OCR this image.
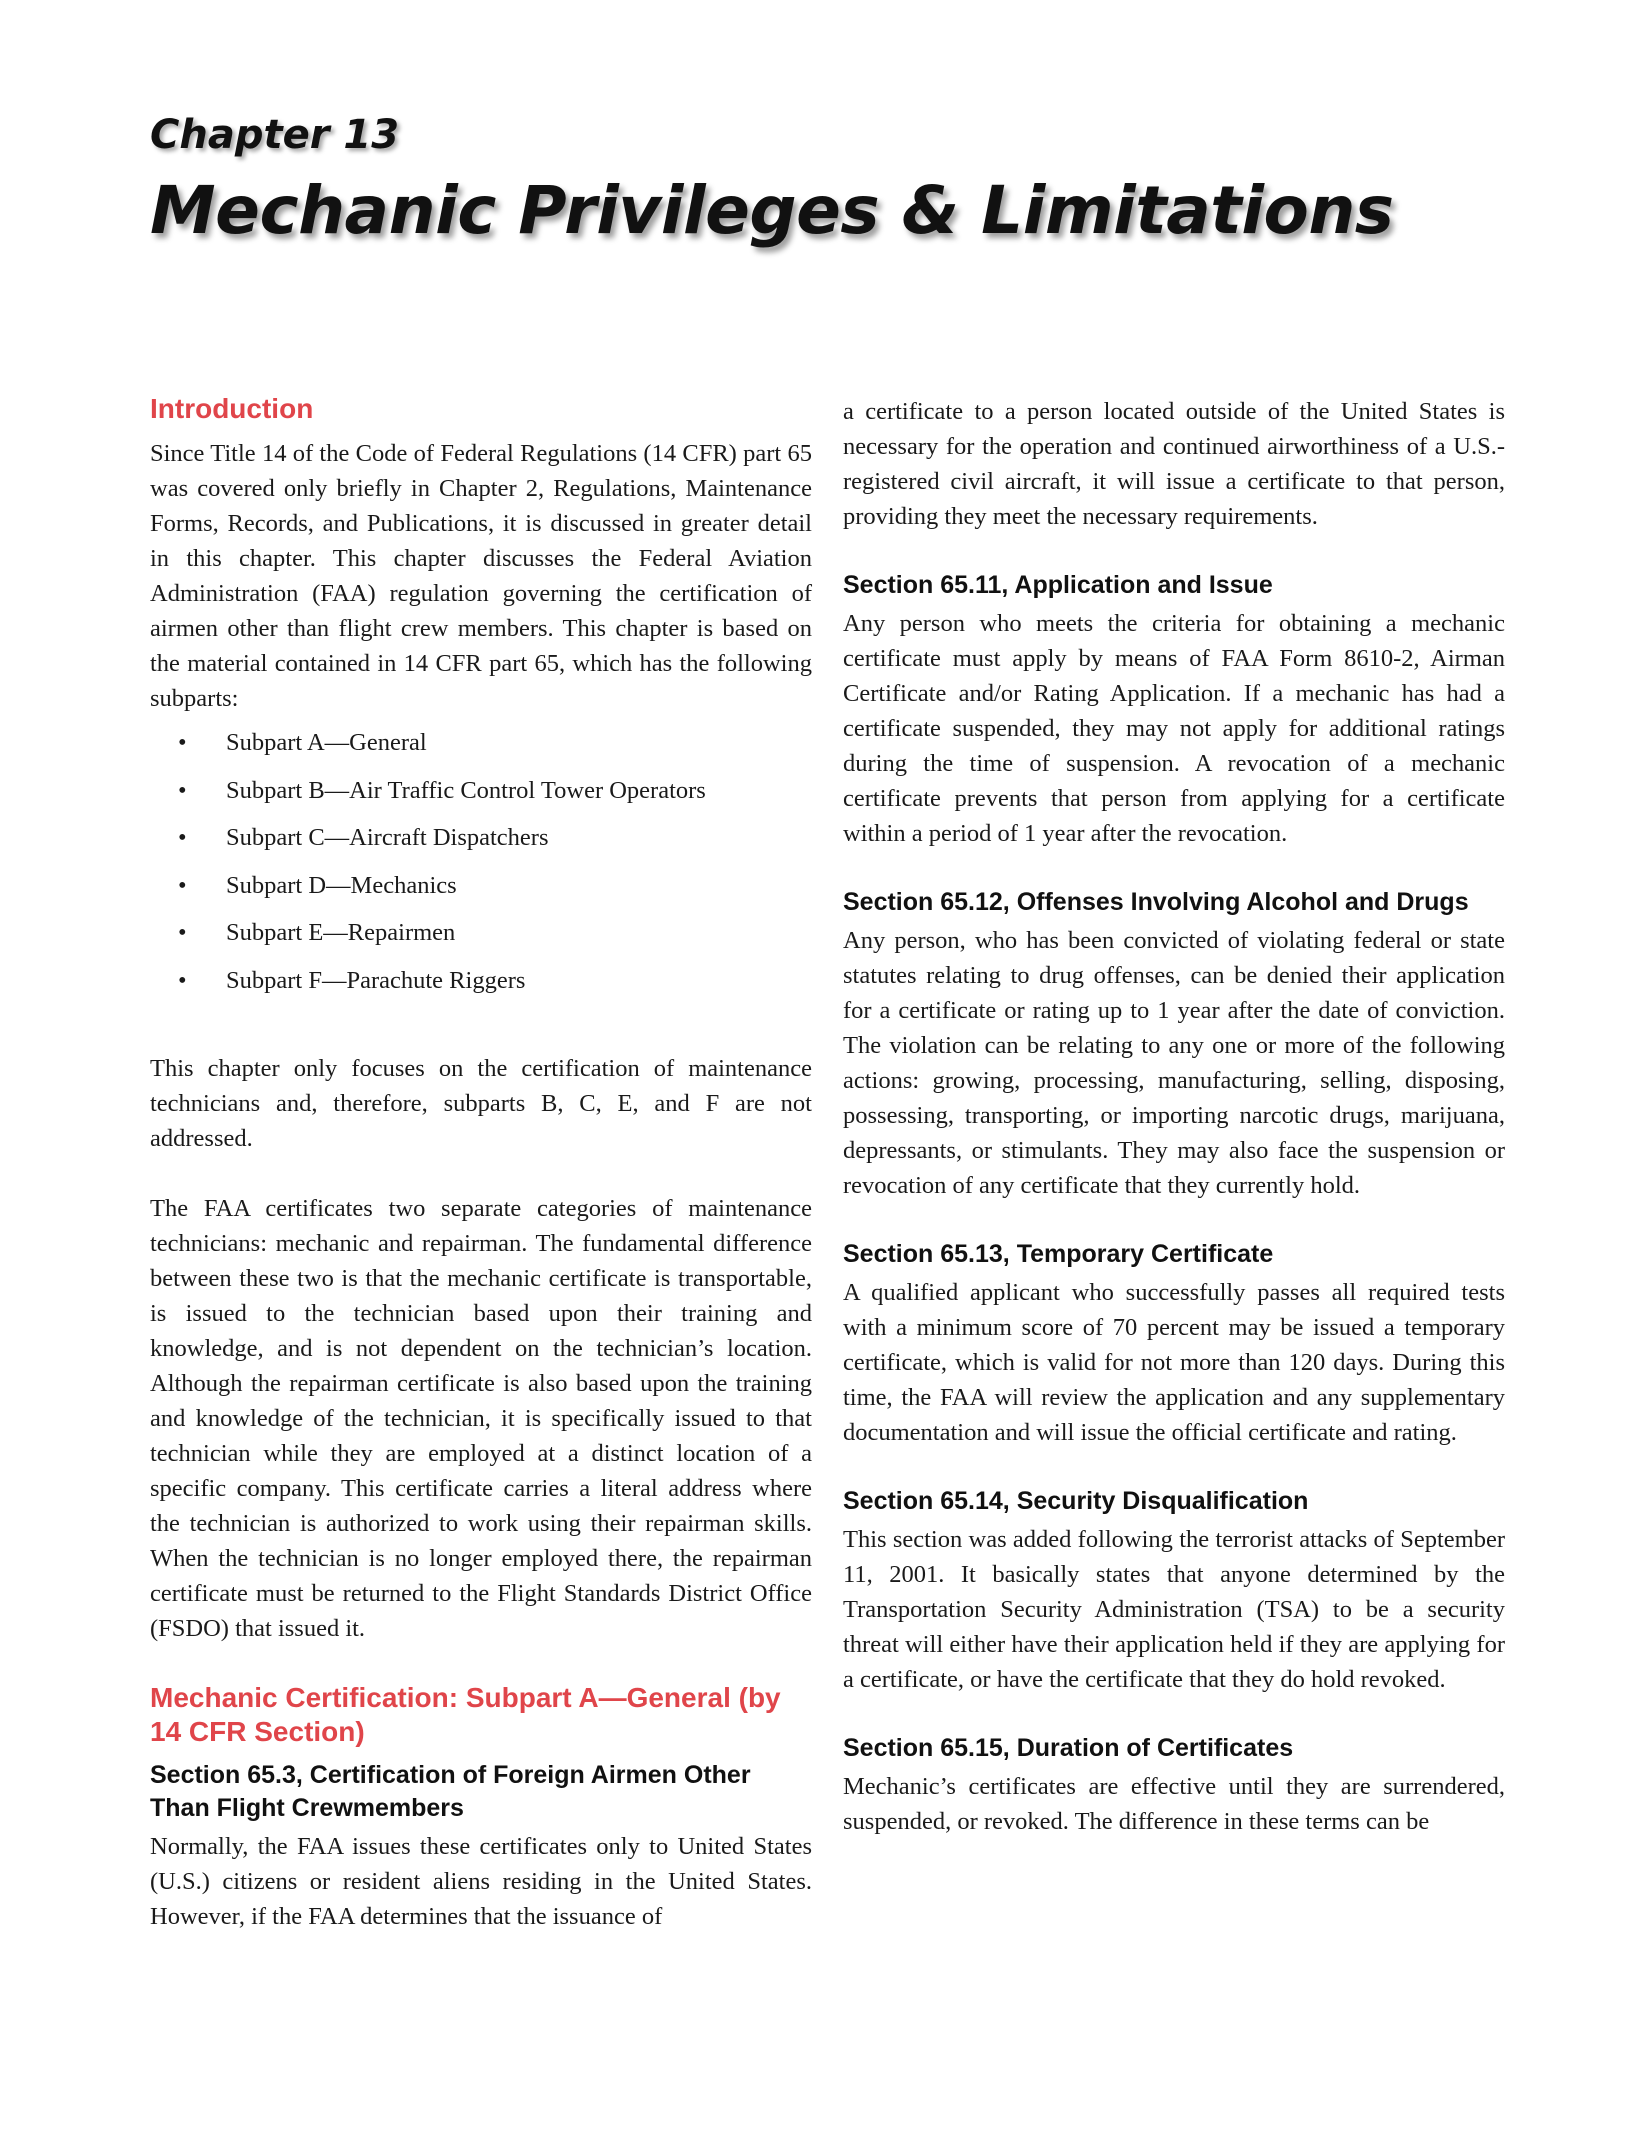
Chapter 13
Mechanic Privileges & Limitations
Introduction

Since Title 14 of the Code of Federal Regulations (14 CFR) part 65 was covered only briefly in Chapter 2, Regulations, Maintenance Forms, Records, and Publications, it is discussed in greater detail in this chapter. This chapter discusses the Federal Aviation Administration (FAA) regulation governing the certification of airmen other than flight crew members. This chapter is based on the material contained in 14 CFR part 65, which has the following subparts:

• Subpart A—General
• Subpart B—Air Traffic Control Tower Operators
• Subpart C—Aircraft Dispatchers
• Subpart D—Mechanics
• Subpart E—Repairmen
• Subpart F—Parachute Riggers

This chapter only focuses on the certification of maintenance technicians and, therefore, subparts B, C, E, and F are not addressed.

The FAA certificates two separate categories of maintenance technicians: mechanic and repairman. The fundamental difference between these two is that the mechanic certificate is transportable, is issued to the technician based upon their training and knowledge, and is not dependent on the technician’s location. Although the repairman certificate is also based upon the training and knowledge of the technician, it is specifically issued to that technician while they are employed at a distinct location of a specific company. This certificate carries a literal address where the technician is authorized to work using their repairman skills. When the technician is no longer employed there, the repairman certificate must be returned to the Flight Standards District Office (FSDO) that issued it.

Mechanic Certification: Subpart A—General (by 14 CFR Section)
Section 65.3, Certification of Foreign Airmen Other Than Flight Crewmembers

Normally, the FAA issues these certificates only to United States (U.S.) citizens or resident aliens residing in the United States. However, if the FAA determines that the issuance of

a certificate to a person located outside of the United States is necessary for the operation and continued airworthiness of a U.S.-registered civil aircraft, it will issue a certificate to that person, providing they meet the necessary requirements.

Section 65.11, Application and Issue

Any person who meets the criteria for obtaining a mechanic certificate must apply by means of FAA Form 8610-2, Airman Certificate and/or Rating Application. If a mechanic has had a certificate suspended, they may not apply for additional ratings during the time of suspension. A revocation of a mechanic certificate prevents that person from applying for a certificate within a period of 1 year after the revocation.

Section 65.12, Offenses Involving Alcohol and Drugs

Any person, who has been convicted of violating federal or state statutes relating to drug offenses, can be denied their application for a certificate or rating up to 1 year after the date of conviction. The violation can be relating to any one or more of the following actions: growing, processing, manufacturing, selling, disposing, possessing, transporting, or importing narcotic drugs, marijuana, depressants, or stimulants. They may also face the suspension or revocation of any certificate that they currently hold.

Section 65.13, Temporary Certificate

A qualified applicant who successfully passes all required tests with a minimum score of 70 percent may be issued a temporary certificate, which is valid for not more than 120 days. During this time, the FAA will review the application and any supplementary documentation and will issue the official certificate and rating.

Section 65.14, Security Disqualification

This section was added following the terrorist attacks of September 11, 2001. It basically states that anyone determined by the Transportation Security Administration (TSA) to be a security threat will either have their application held if they are applying for a certificate, or have the certificate that they do hold revoked.

Section 65.15, Duration of Certificates

Mechanic’s certificates are effective until they are surrendered, suspended, or revoked. The difference in these terms can be
